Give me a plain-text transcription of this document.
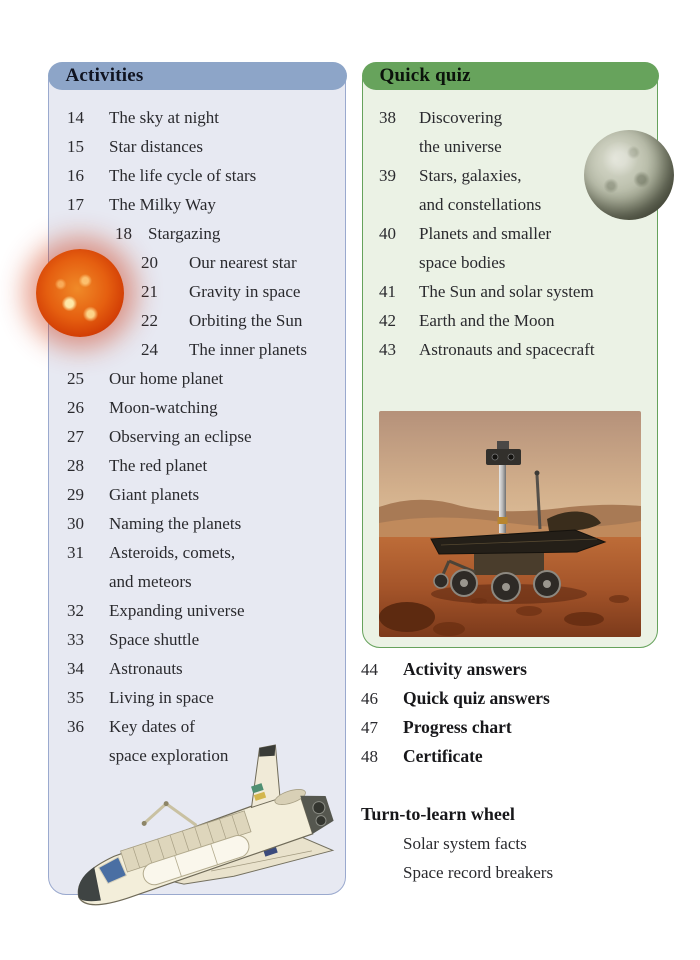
Activities
14	The sky at night
15	Star distances
16	The life cycle of stars
17	The Milky Way
18 Stargazing
20	Our nearest star
21	Gravity in space
22	Orbiting the Sun
24	The inner planets
25	Our home planet
26	Moon-watching
27	Observing an eclipse
28	The red planet
29	Giant planets
30	Naming the planets
31	Asteroids, comets,
and meteors
32	Expanding universe
33	Space shuttle
34	Astronauts
35	Living in space
36	Key dates of
space exploration
Quick quiz
38	Discovering
the universe
39	Stars, galaxies,
and constellations
40	Planets and smaller
space bodies
41	The Sun and solar system
42	Earth and the Moon
43	Astronauts and spacecraft
44	Activity answers
46	Quick quiz answers
47	Progress chart
48	Certificate
Turn-to-learn wheel
Solar system facts
Space record breakers
